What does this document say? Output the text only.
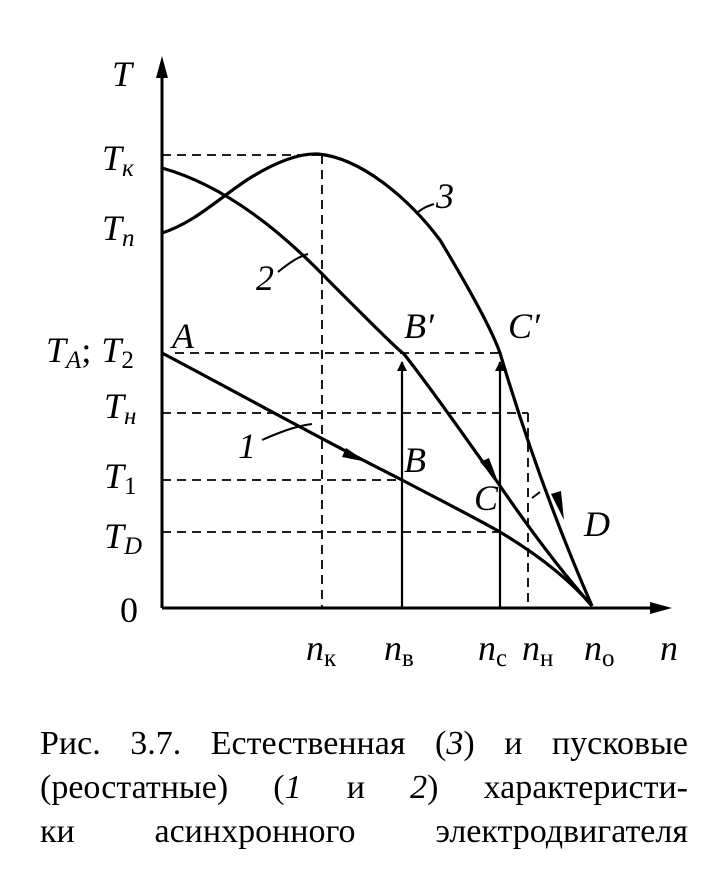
T
n
0
Tк
Tп
TA; T2
Tн
T1
TD
nк nв nс nн nо
A	B′ C′
B
C
D
1
2
3
Рис. 3.7. Естественная (3) и пусковые
(реостатные) (1 и 2) характеристи-
ки асинхронного электродвигателя
